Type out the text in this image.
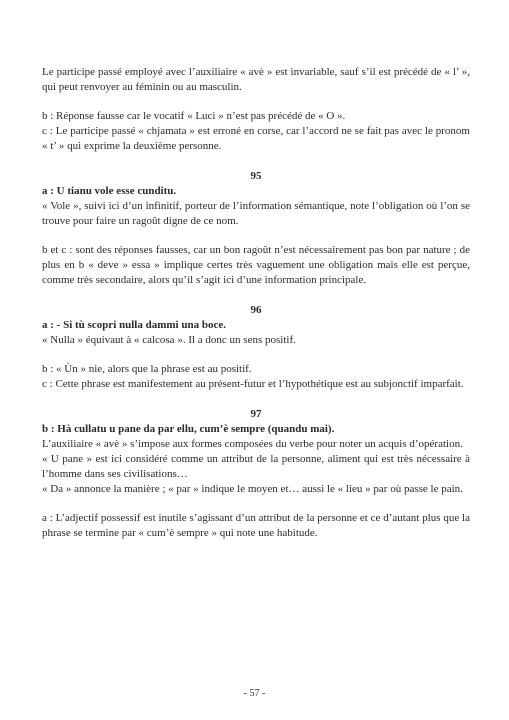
Le participe passé employé avec l’auxiliaire « avè » est invariable, sauf s’il est précédé de « l’ », qui peut renvoyer au féminin ou au masculin.

b : Réponse fausse car le vocatif « Luci » n’est pas précédé de « O ».

c : Le participe passé « chjamata » est erroné en corse, car l’accord ne se fait pas avec le pronom « t’ » qui exprime la deuxième personne.

95

a : U tianu vole esse cunditu.

« Vole », suivi ici d’un infinitif, porteur de l’information sémantique, note l’obligation où l’on se trouve pour faire un ragoût digne de ce nom.

b et c : sont des réponses fausses, car un bon ragoût n’est nécessairement pas bon par nature ; de plus en b « deve » essa » implique certes très vaguement une obligation mais elle est perçue, comme très secondaire, alors qu’il s’agit ici d’une information principale.

96

a : - Si tù scopri nulla dammi una boce.

« Nulla » équivaut à « calcosa ». Il a donc un sens positif.

b : « Ùn » nie, alors que la phrase est au positif.

c : Cette phrase est manifestement au présent-futur et l’hypothétique est au subjonctif imparfait.

97

b : Hà cullatu u pane da par ellu, cum’è sempre (quandu mai).

L’auxiliaire « avè » s’impose aux formes composées du verbe pour noter un acquis d’opération.

« U pane » est ici considéré comme un attribut de la personne, aliment qui est très nécessaire à l’homme dans ses civilisations…

« Da » annonce la manière ; « par » indique le moyen et… aussi le « lieu » par où passe le pain.

a : L’adjectif possessif est inutile s’agissant d’un attribut de la personne et ce d’autant plus que la phrase se termine par « cum’è sempre » qui note une habitude.

- 57 -
